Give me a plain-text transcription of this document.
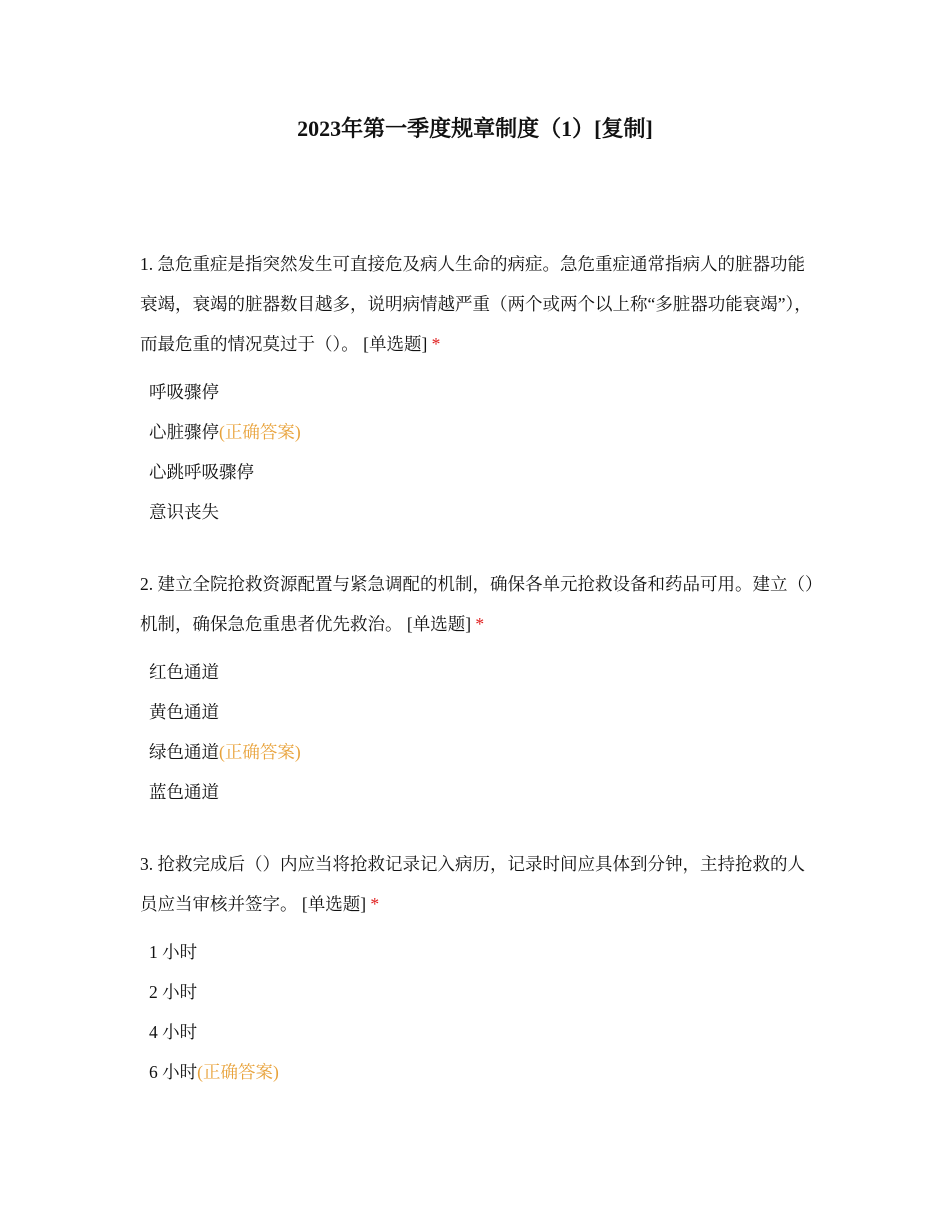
2023年第一季度规章制度（1）[复制]
1. 急危重症是指突然发生可直接危及病人生命的病症。急危重症通常指病人的脏器功能衰竭，衰竭的脏器数目越多，说明病情越严重（两个或两个以上称“多脏器功能衰竭”），而最危重的情况莫过于（）。 [单选题] *
呼吸骤停
心脏骤停(正确答案)
心跳呼吸骤停
意识丧失
2. 建立全院抢救资源配置与紧急调配的机制，确保各单元抢救设备和药品可用。建立（）机制，确保急危重患者优先救治。 [单选题] *
红色通道
黄色通道
绿色通道(正确答案)
蓝色通道
3. 抢救完成后（）内应当将抢救记录记入病历，记录时间应具体到分钟，主持抢救的人员应当审核并签字。 [单选题] *
1 小时
2 小时
4 小时
6 小时(正确答案)
